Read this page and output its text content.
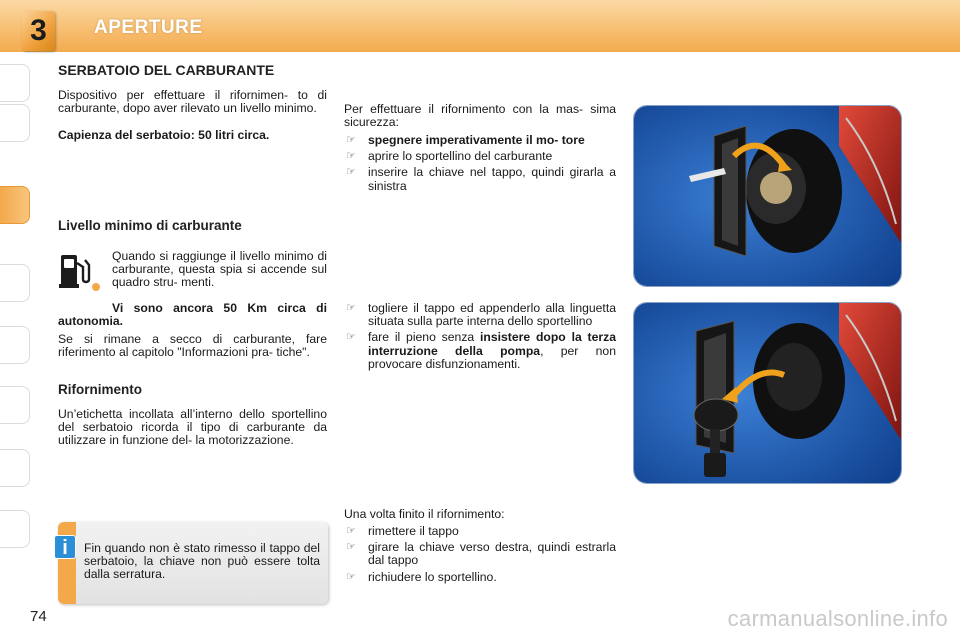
3	APERTURE
SERBATOIO DEL CARBURANTE
Dispositivo per effettuare il rifornimen- to di carburante, dopo aver rilevato un livello minimo.
Capienza del serbatoio: 50 litri circa.
Livello minimo di carburante
Quando si raggiunge il livello minimo di carburante, questa spia si accende sul quadro stru- menti.
Vi sono ancora 50 Km circa di autonomia.
Se si rimane a secco di carburante, fare riferimento al capitolo "Informazioni pra- tiche".
Rifornimento
Un’etichetta incollata all’interno dello sportellino del serbatoio ricorda il tipo di carburante da utilizzare in funzione del- la motorizzazione.
i	Fin quando non è stato rimesso il tappo del serbatoio, la chiave non può essere tolta dalla serratura.
Per effettuare il rifornimento con la mas- sima sicurezza:
☞ spegnere imperativamente il mo- tore
☞ aprire lo sportellino del carburante
☞ inserire la chiave nel tappo, quindi girarla a sinistra
☞ togliere il tappo ed appenderlo alla linguetta situata sulla parte interna dello sportellino
☞ fare il pieno senza insistere dopo la terza interruzione della pompa, per non provocare disfunzionamenti.
Una volta finito il rifornimento:
☞ rimettere il tappo
☞ girare la chiave verso destra, quindi estrarla dal tappo
☞ richiudere lo sportellino.
74	carmanualsonline.info
